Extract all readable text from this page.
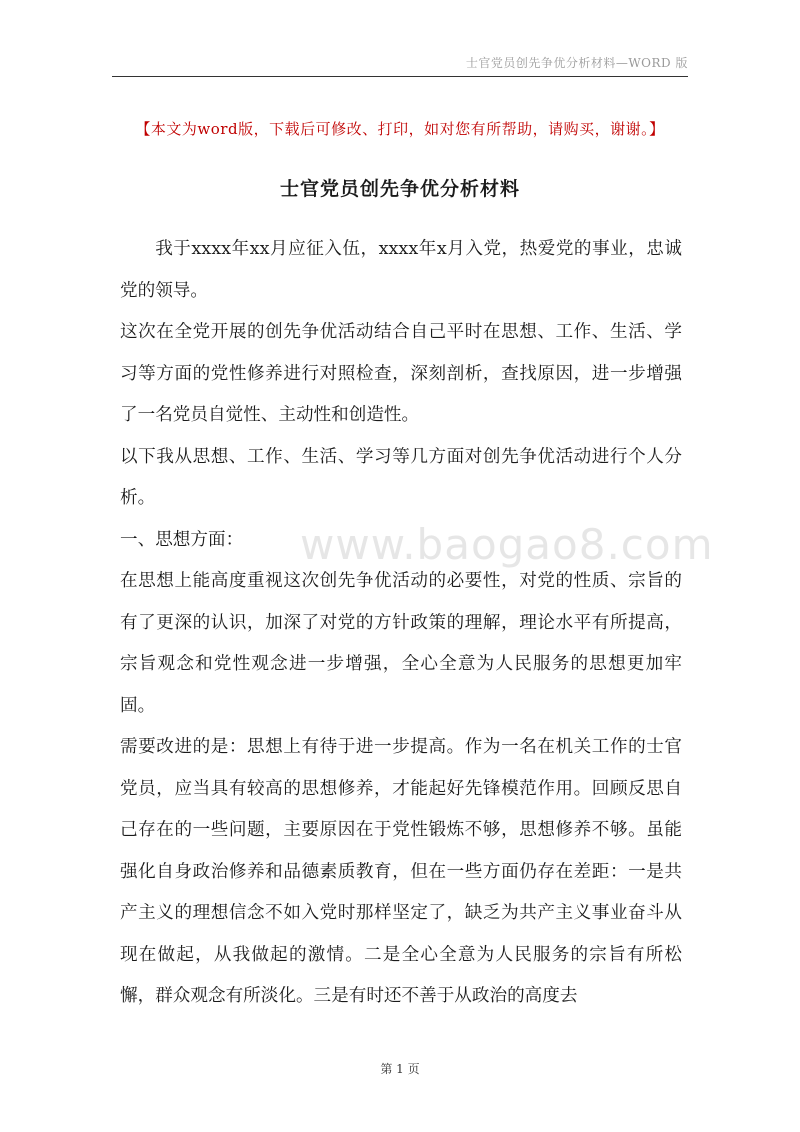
士官党员创先争优分析材料—WORD 版
【本文为word版，下载后可修改、打印，如对您有所帮助，请购买，谢谢。】
士官党员创先争优分析材料

我于xxxx年xx月应征入伍，xxxx年x月入党，热爱党的事业，忠诚党的领导。

这次在全党开展的创先争优活动结合自己平时在思想、工作、生活、学习等方面的党性修养进行对照检查，深刻剖析，查找原因，进一步增强了一名党员自觉性、主动性和创造性。

以下我从思想、工作、生活、学习等几方面对创先争优活动进行个人分析。

一、思想方面：

在思想上能高度重视这次创先争优活动的必要性，对党的性质、宗旨的有了更深的认识，加深了对党的方针政策的理解，理论水平有所提高，宗旨观念和党性观念进一步增强，全心全意为人民服务的思想更加牢固。

需要改进的是：思想上有待于进一步提高。作为一名在机关工作的士官党员，应当具有较高的思想修养，才能起好先锋模范作用。回顾反思自己存在的一些问题，主要原因在于党性锻炼不够，思想修养不够。虽能强化自身政治修养和品德素质教育，但在一些方面仍存在差距：一是共产主义的理想信念不如入党时那样坚定了，缺乏为共产主义事业奋斗从现在做起，从我做起的激情。二是全心全意为人民服务的宗旨有所松懈，群众观念有所淡化。三是有时还不善于从政治的高度去

www.baogao8.com
第 1 页
